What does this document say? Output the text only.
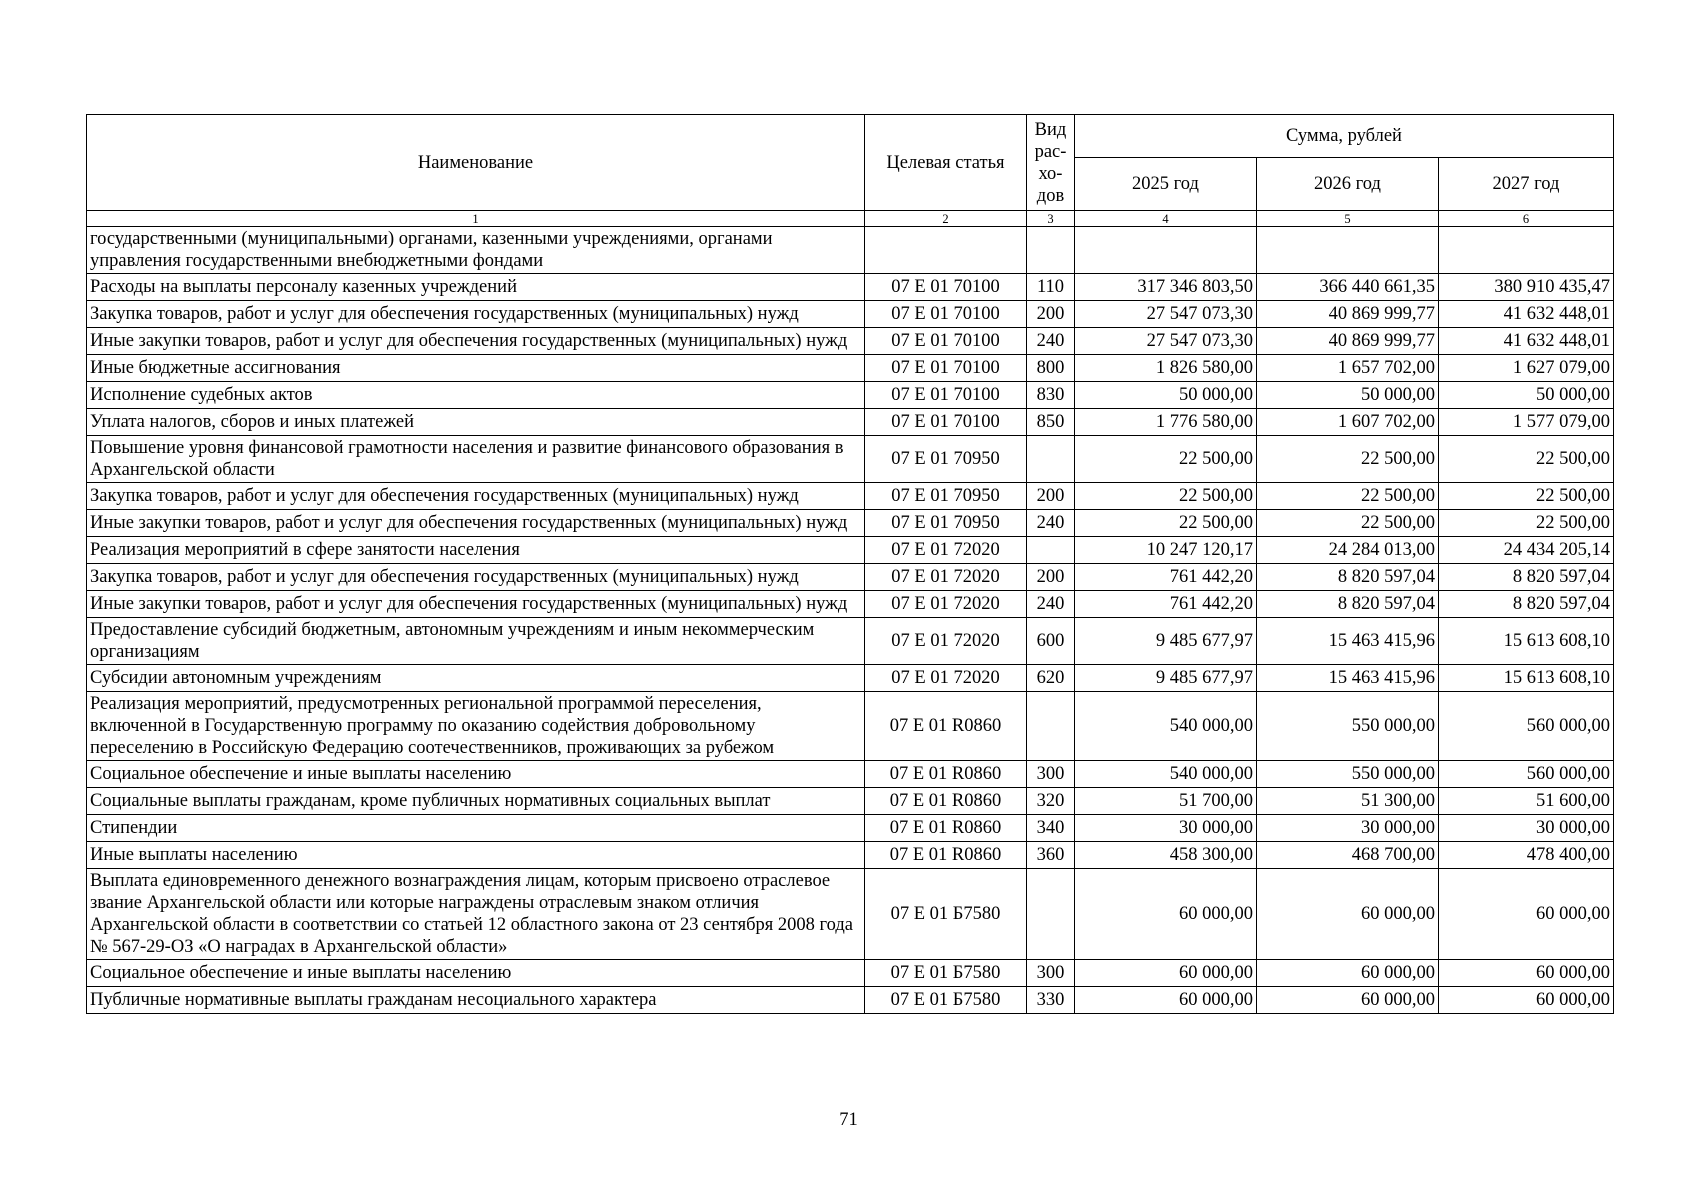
Наименование	Целевая статья	Вид рас- хо- дов	Сумма, рублей		
			2025 год	2026 год	2027 год
1	2	3	4	5	6
государственными (муниципальными) органами, казенными учреждениями, органами управления государственными внебюджетными фондами					
Расходы на выплаты персоналу казенных учреждений	07 Е 01 70100	110	317 346 803,50	366 440 661,35	380 910 435,47
Закупка товаров, работ и услуг для обеспечения государственных (муниципальных) нужд	07 Е 01 70100	200	27 547 073,30	40 869 999,77	41 632 448,01
Иные закупки товаров, работ и услуг для обеспечения государственных (муниципальных) нужд	07 Е 01 70100	240	27 547 073,30	40 869 999,77	41 632 448,01
Иные бюджетные ассигнования	07 Е 01 70100	800	1 826 580,00	1 657 702,00	1 627 079,00
Исполнение судебных актов	07 Е 01 70100	830	50 000,00	50 000,00	50 000,00
Уплата налогов, сборов и иных платежей	07 Е 01 70100	850	1 776 580,00	1 607 702,00	1 577 079,00
Повышение уровня финансовой грамотности населения и развитие финансового образования в Архангельской области	07 Е 01 70950		22 500,00	22 500,00	22 500,00
Закупка товаров, работ и услуг для обеспечения государственных (муниципальных) нужд	07 Е 01 70950	200	22 500,00	22 500,00	22 500,00
Иные закупки товаров, работ и услуг для обеспечения государственных (муниципальных) нужд	07 Е 01 70950	240	22 500,00	22 500,00	22 500,00
Реализация мероприятий в сфере занятости населения	07 Е 01 72020		10 247 120,17	24 284 013,00	24 434 205,14
Закупка товаров, работ и услуг для обеспечения государственных (муниципальных) нужд	07 Е 01 72020	200	761 442,20	8 820 597,04	8 820 597,04
Иные закупки товаров, работ и услуг для обеспечения государственных (муниципальных) нужд	07 Е 01 72020	240	761 442,20	8 820 597,04	8 820 597,04
Предоставление субсидий бюджетным, автономным учреждениям и иным некоммерческим организациям	07 Е 01 72020	600	9 485 677,97	15 463 415,96	15 613 608,10
Субсидии автономным учреждениям	07 Е 01 72020	620	9 485 677,97	15 463 415,96	15 613 608,10
Реализация мероприятий, предусмотренных региональной программой переселения, включенной в Государственную программу по оказанию содействия добровольному переселению в Российскую Федерацию соотечественников, проживающих за рубежом	07 Е 01 R0860		540 000,00	550 000,00	560 000,00
Социальное обеспечение и иные выплаты населению	07 Е 01 R0860	300	540 000,00	550 000,00	560 000,00
Социальные выплаты гражданам, кроме публичных нормативных социальных выплат	07 Е 01 R0860	320	51 700,00	51 300,00	51 600,00
Стипендии	07 Е 01 R0860	340	30 000,00	30 000,00	30 000,00
Иные выплаты населению	07 Е 01 R0860	360	458 300,00	468 700,00	478 400,00
Выплата единовременного денежного вознаграждения лицам, которым присвоено отраслевое звание Архангельской области или которые награждены отраслевым знаком отличия Архангельской области в соответствии со статьей 12 областного закона от 23 сентября 2008 года № 567-29-ОЗ «О наградах в Архангельской области»	07 Е 01 Б7580		60 000,00	60 000,00	60 000,00
Социальное обеспечение и иные выплаты населению	07 Е 01 Б7580	300	60 000,00	60 000,00	60 000,00
Публичные нормативные выплаты гражданам несоциального характера	07 Е 01 Б7580	330	60 000,00	60 000,00	60 000,00
71
